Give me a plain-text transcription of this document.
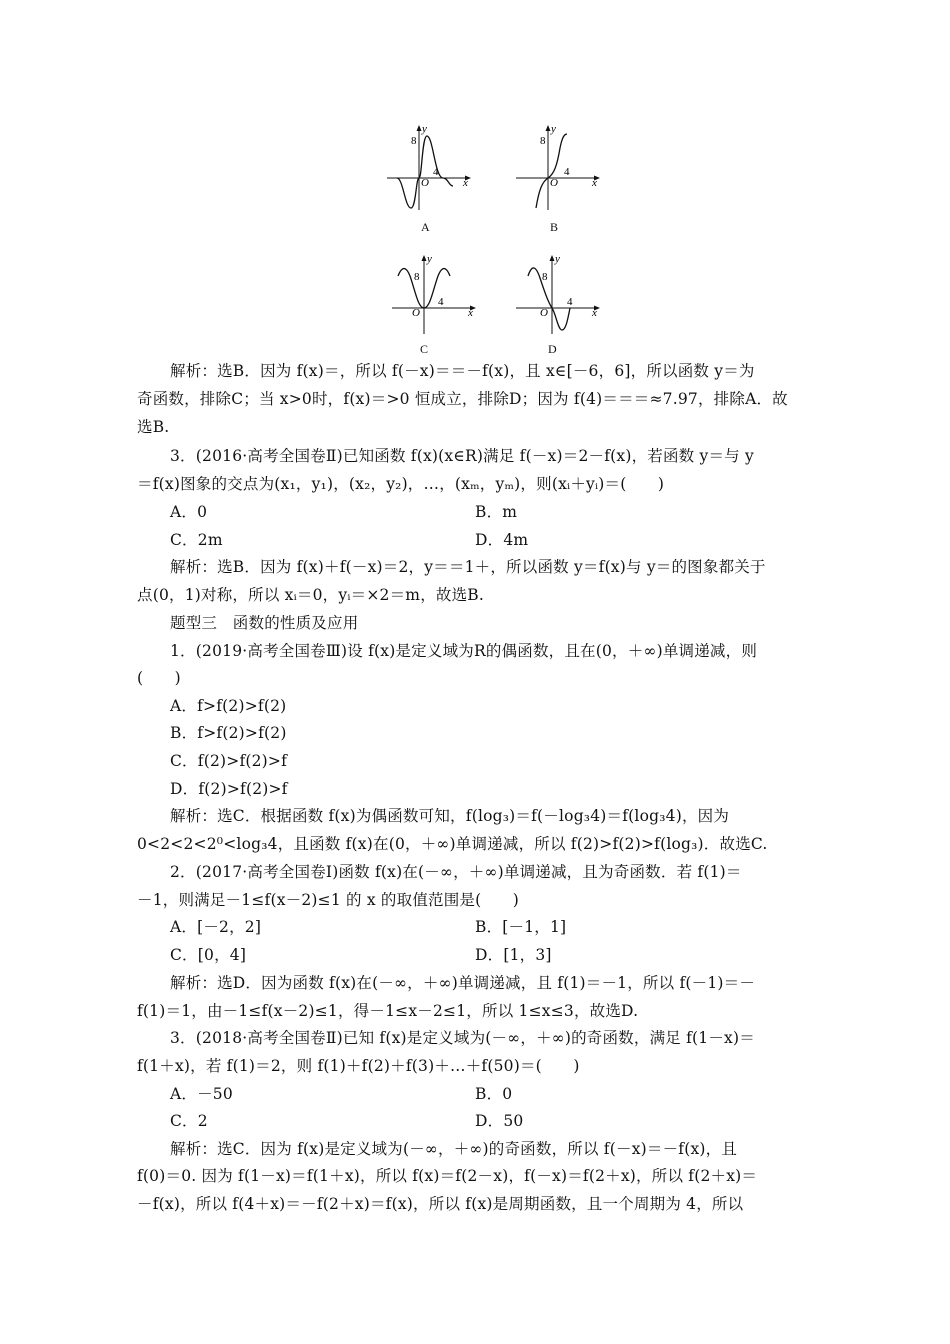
8
4
O	x
y
A
8
4
O	x
y
B
8
4
O	x
y
C
8
4
O	x
y
D
解析：选B．因为 f(x)＝，所以 f(－x)＝＝－f(x)，且 x∈[－6，6]，所以函数 y＝为
奇函数，排除C；当 x>0时，f(x)＝>0 恒成立，排除D；因为 f(4)＝＝＝≈7.97，排除A．故
选B.
3．(2016·高考全国卷Ⅱ)已知函数 f(x)(x∈R)满足 f(－x)＝2－f(x)，若函数 y＝与 y
＝f(x)图象的交点为(x₁，y₁)，(x₂，y₂)，…，(xₘ，yₘ)，则(xᵢ＋yᵢ)＝(　　)
A．0	B．m
C．2m	D．4m
解析：选B．因为 f(x)＋f(－x)＝2，y＝＝1＋，所以函数 y＝f(x)与 y＝的图象都关于
点(0，1)对称，所以 xᵢ＝0，yᵢ＝×2＝m，故选B.
题型三　函数的性质及应用
1．(2019·高考全国卷Ⅲ)设 f(x)是定义域为R的偶函数，且在(0，＋∞)单调递减，则
(　　)
A．f>f(2)>f(2)
B．f>f(2)>f(2)
C．f(2)>f(2)>f
D．f(2)>f(2)>f
解析：选C．根据函数 f(x)为偶函数可知，f(log₃)＝f(－log₃4)＝f(log₃4)，因为
0<2<2<2⁰<log₃4，且函数 f(x)在(0，＋∞)单调递减，所以 f(2)>f(2)>f(log₃)．故选C.
2．(2017·高考全国卷Ⅰ)函数 f(x)在(－∞，＋∞)单调递减，且为奇函数．若 f(1)＝
－1，则满足－1≤f(x－2)≤1 的 x 的取值范围是(　　)
A．[－2，2]	B．[－1，1]
C．[0，4]	D．[1，3]
解析：选D．因为函数 f(x)在(－∞，＋∞)单调递减，且 f(1)＝－1，所以 f(－1)＝－
f(1)＝1，由－1≤f(x－2)≤1，得－1≤x－2≤1，所以 1≤x≤3，故选D.
3．(2018·高考全国卷Ⅱ)已知 f(x)是定义域为(－∞，＋∞)的奇函数，满足 f(1－x)＝
f(1＋x)，若 f(1)＝2，则 f(1)＋f(2)＋f(3)＋…＋f(50)＝(　　)
A．－50	B．0
C．2	D．50
解析：选C．因为 f(x)是定义域为(－∞，＋∞)的奇函数，所以 f(－x)＝－f(x)，且
f(0)＝0. 因为 f(1－x)＝f(1＋x)，所以 f(x)＝f(2－x)，f(－x)＝f(2＋x)，所以 f(2＋x)＝
－f(x)，所以 f(4＋x)＝－f(2＋x)＝f(x)，所以 f(x)是周期函数，且一个周期为 4，所以
